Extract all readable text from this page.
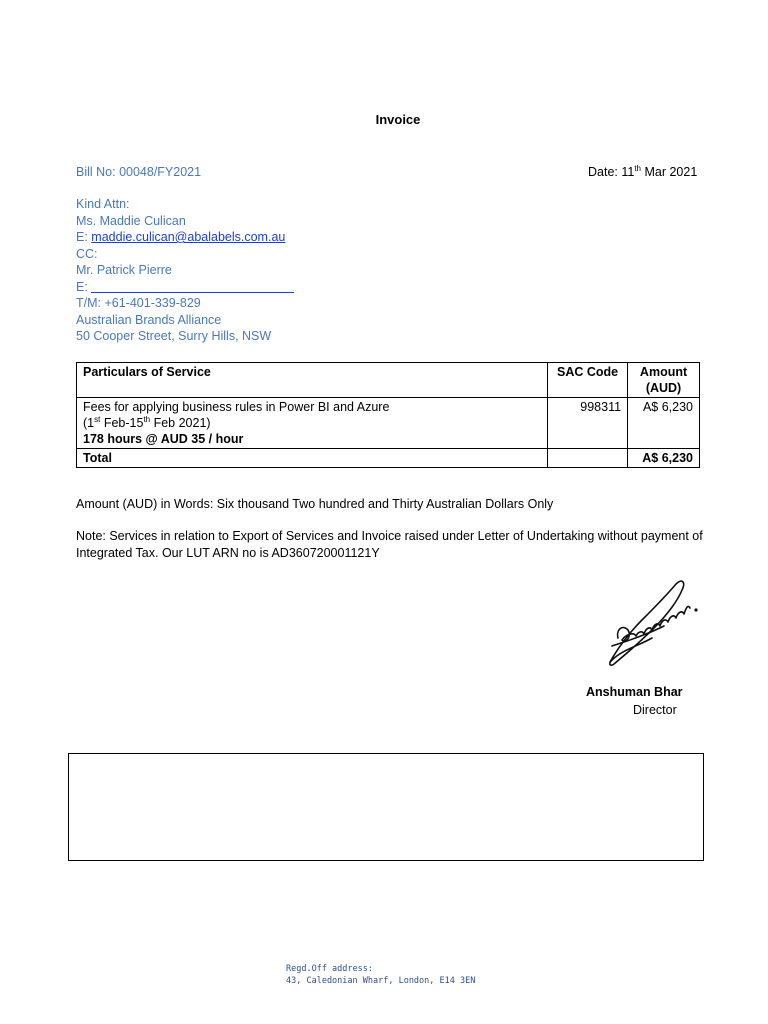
Invoice
Bill No: 00048/FY2021	Date: 11th Mar 2021
Kind Attn:
Ms. Maddie Culican
E: maddie.culican@abalabels.com.au
CC:
Mr. Patrick Pierre
E:
T/M: +61-401-339-829
Australian Brands Alliance
50 Cooper Street, Surry Hills, NSW
Particulars of Service	SAC Code	Amount (AUD)

Fees for applying business rules in Power BI and Azure
(1st Feb-15th Feb 2021)
178 hours @ AUD 35 / hour	998311	A$ 6,230
Total		A$ 6,230
Amount (AUD) in Words: Six thousand Two hundred and Thirty Australian Dollars Only
Note: Services in relation to Export of Services and Invoice raised under Letter of Undertaking without payment of Integrated Tax. Our LUT ARN no is AD360720001121Y
Anshuman Bhar
Director
Regd.Off address:
43, Caledonian Wharf, London, E14 3EN
